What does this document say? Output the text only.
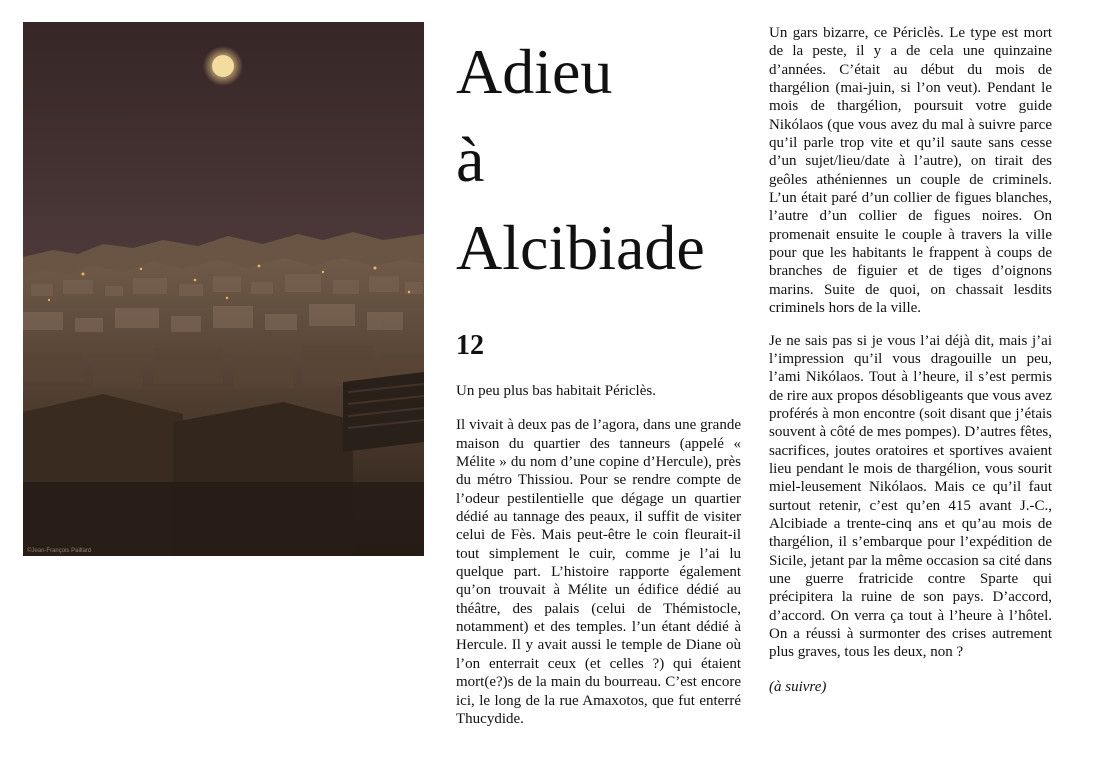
©Jean-François Paillard
Adieu
à
Alcibiade
12

Un peu plus bas habitait Périclès.

Il vivait à deux pas de l’agora, dans une grande maison du quartier des tanneurs (appelé « Mélite » du nom d’une copine d’Hercule), près du métro Thissiou. Pour se rendre compte de l’odeur pestilentielle que dégage un quartier dédié au tannage des peaux, il suffit de visiter celui de Fès. Mais peut-être le coin fleurait-il tout simplement le cuir, comme je l’ai lu quelque part. L’histoire rapporte également qu’on trouvait à Mélite un édifice dédié au théâtre, des palais (celui de Thémistocle, notamment) et des temples. l’un étant dédié à Hercule. Il y avait aussi le temple de Diane où l’on enterrait ceux (et celles ?) qui étaient mort(e?)s de la main du bourreau. C’est encore ici, le long de la rue Amaxotos, que fut enterré Thucydide.

Un gars bizarre, ce Périclès. Le type est mort de la peste, il y a de cela une quinzaine d’années. C’était au début du mois de thargélion (mai-juin, si l’on veut). Pendant le mois de thargélion, poursuit votre guide Nikólaos (que vous avez du mal à suivre parce qu’il parle trop vite et qu’il saute sans cesse d’un sujet/lieu/date à l’autre), on tirait des geôles athéniennes un couple de criminels. L’un était paré d’un collier de figues blanches, l’autre d’un collier de figues noires. On promenait ensuite le couple à travers la ville pour que les habitants le frappent à coups de branches de figuier et de tiges d’oignons marins. Suite de quoi, on chassait lesdits criminels hors de la ville.

Je ne sais pas si je vous l’ai déjà dit, mais j’ai l’impression qu’il vous dragouille un peu, l’ami Nikólaos. Tout à l’heure, il s’est permis de rire aux propos désobligeants que vous avez proférés à mon encontre (soit disant que j’étais souvent à côté de mes pompes). D’autres fêtes, sacrifices, joutes oratoires et sportives avaient lieu pendant le mois de thargélion, vous sourit miel-leusement Nikólaos. Mais ce qu’il faut surtout retenir, c’est qu’en 415 avant J.-C., Alcibiade a trente-cinq ans et qu’au mois de thargélion, il s’embarque pour l’expédition de Sicile, jetant par la même occasion sa cité dans une guerre fratricide contre Sparte qui précipitera la ruine de son pays. D’accord, d’accord. On verra ça tout à l’heure à l’hôtel. On a réussi à surmonter des crises autrement plus graves, tous les deux, non ?

(à suivre)
